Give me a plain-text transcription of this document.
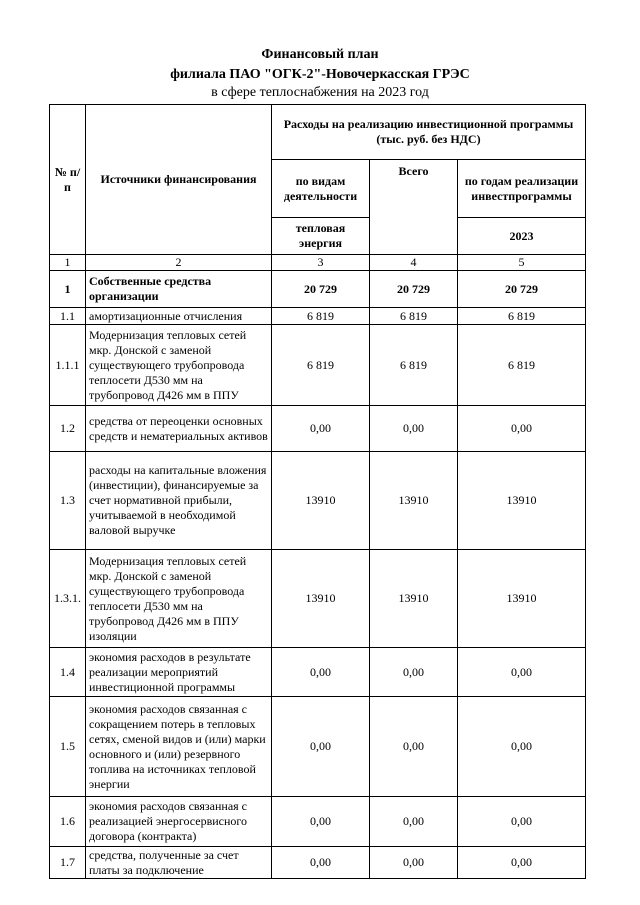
Финансовый план
филиала ПАО "ОГК-2"-Новочеркасская ГРЭС
в сфере теплоснабжения на 2023 год
№ п/п	Источники финансирования	Расходы на реализацию инвестиционной программы (тыс. руб. без НДС)		
		по видам деятельности	Всего	по годам реализации инвестпрограммы
		тепловая энергия		2023
1	2	3	4	5
1	Собственные средства организации	20 729	20 729	20 729
1.1	амортизационные отчисления	6 819	6 819	6 819
1.1.1	Модернизация тепловых сетей мкр. Донской с заменой существующего трубопровода теплосети Д530 мм на трубопровод Д426 мм в ППУ	6 819	6 819	6 819
1.2	средства от переоценки основных средств и нематериальных активов	0,00	0,00	0,00
1.3	расходы на капитальные вложения (инвестиции), финансируемые за счет нормативной прибыли, учитываемой в необходимой валовой выручке	13910	13910	13910
1.3.1.	Модернизация тепловых сетей мкр. Донской с заменой существующего трубопровода теплосети Д530 мм на трубопровод Д426 мм в ППУ изоляции	13910	13910	13910
1.4	экономия расходов в результате реализации мероприятий инвестиционной программы	0,00	0,00	0,00
1.5	экономия расходов связанная с сокращением потерь в тепловых сетях, сменой видов и (или) марки основного и (или) резервного топлива на источниках тепловой энергии	0,00	0,00	0,00
1.6	экономия расходов связанная с реализацией энергосервисного договора (контракта)	0,00	0,00	0,00
1.7	средства, полученные за счет платы за подключение	0,00	0,00	0,00
